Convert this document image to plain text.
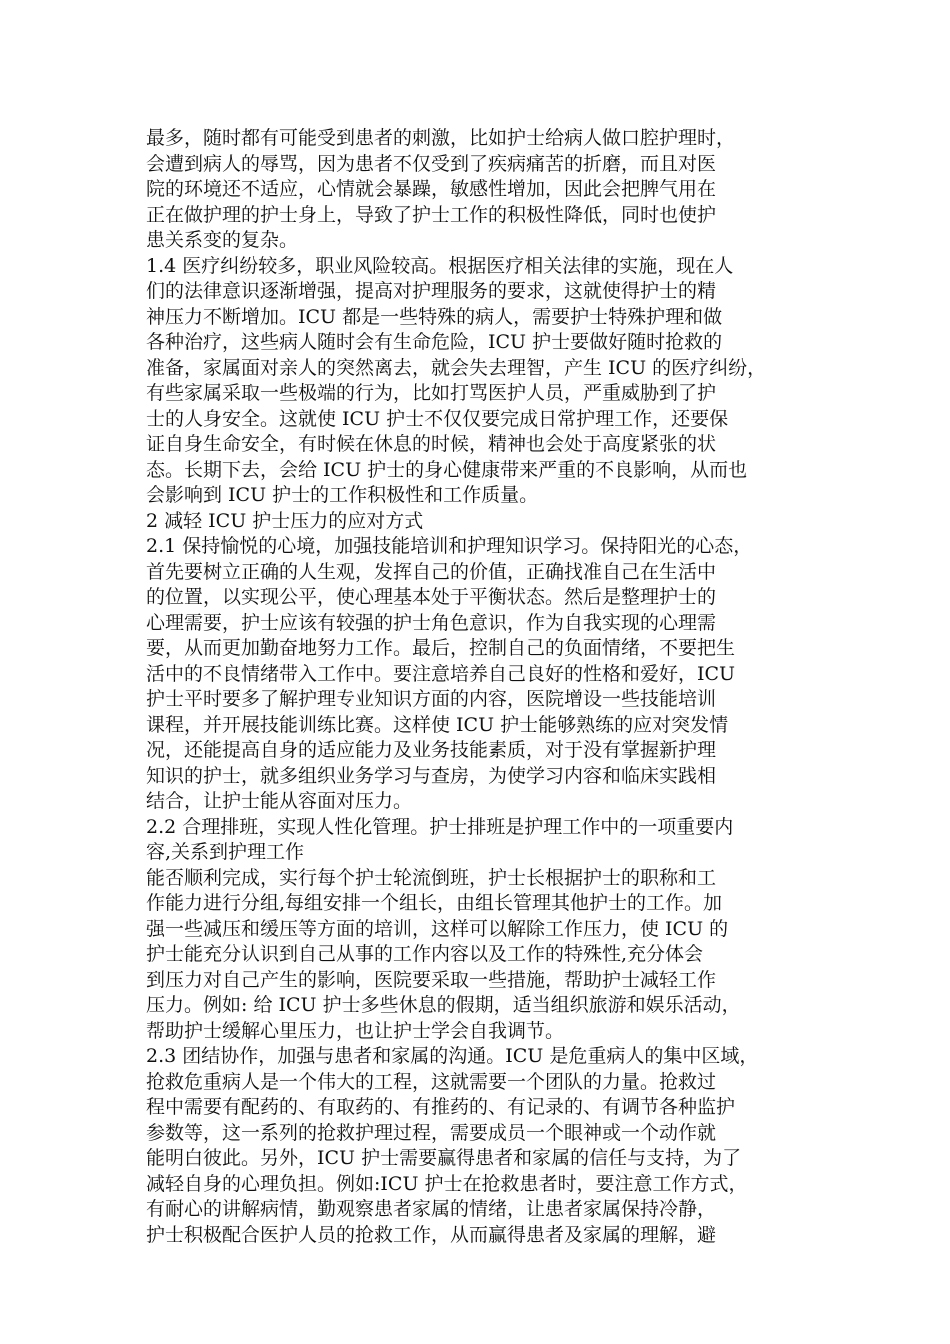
最多，随时都有可能受到患者的刺激，比如护士给病人做口腔护理时，
会遭到病人的辱骂，因为患者不仅受到了疾病痛苦的折磨，而且对医
院的环境还不适应，心情就会暴躁，敏感性增加，因此会把脾气用在
正在做护理的护士身上，导致了护士工作的积极性降低，同时也使护
患关系变的复杂。

1.4 医疗纠纷较多，职业风险较高。根据医疗相关法律的实施，现在人
们的法律意识逐渐增强，提高对护理服务的要求，这就使得护士的精
神压力不断增加。ICU 都是一些特殊的病人，需要护士特殊护理和做
各种治疗，这些病人随时会有生命危险，ICU 护士要做好随时抢救的
准备，家属面对亲人的突然离去，就会失去理智，产生 ICU 的医疗纠纷，
有些家属采取一些极端的行为，比如打骂医护人员，严重威胁到了护
士的人身安全。这就使 ICU 护士不仅仅要完成日常护理工作，还要保
证自身生命安全，有时候在休息的时候，精神也会处于高度紧张的状
态。长期下去，会给 ICU 护士的身心健康带来严重的不良影响，从而也
会影响到 ICU 护士的工作积极性和工作质量。

2 减轻 ICU 护士压力的应对方式

2.1 保持愉悦的心境，加强技能培训和护理知识学习。保持阳光的心态，
首先要树立正确的人生观，发挥自己的价值，正确找准自己在生活中
的位置，以实现公平，使心理基本处于平衡状态。然后是整理护士的
心理需要，护士应该有较强的护士角色意识，作为自我实现的心理需
要，从而更加勤奋地努力工作。最后，控制自己的负面情绪，不要把生
活中的不良情绪带入工作中。要注意培养自己良好的性格和爱好，ICU
护士平时要多了解护理专业知识方面的内容，医院增设一些技能培训
课程，并开展技能训练比赛。这样使 ICU 护士能够熟练的应对突发情
况，还能提高自身的适应能力及业务技能素质，对于没有掌握新护理
知识的护士，就多组织业务学习与查房，为使学习内容和临床实践相
结合，让护士能从容面对压力。

2.2 合理排班，实现人性化管理。护士排班是护理工作中的一项重要内
容,关系到护理工作

能否顺利完成，实行每个护士轮流倒班，护士长根据护士的职称和工
作能力进行分组,每组安排一个组长，由组长管理其他护士的工作。加
强一些减压和缓压等方面的培训，这样可以解除工作压力，使 ICU 的
护士能充分认识到自己从事的工作内容以及工作的特殊性,充分体会
到压力对自己产生的影响，医院要采取一些措施，帮助护士减轻工作
压力。例如: 给 ICU 护士多些休息的假期，适当组织旅游和娱乐活动，
帮助护士缓解心里压力，也让护士学会自我调节。

2.3 团结协作，加强与患者和家属的沟通。ICU 是危重病人的集中区域，
抢救危重病人是一个伟大的工程，这就需要一个团队的力量。抢救过
程中需要有配药的、有取药的、有推药的、有记录的、有调节各种监护
参数等，这一系列的抢救护理过程，需要成员一个眼神或一个动作就
能明白彼此。另外，ICU 护士需要赢得患者和家属的信任与支持，为了
减轻自身的心理负担。例如:ICU 护士在抢救患者时，要注意工作方式，
有耐心的讲解病情，勤观察患者家属的情绪，让患者家属保持冷静，
护士积极配合医护人员的抢救工作，从而赢得患者及家属的理解，避
